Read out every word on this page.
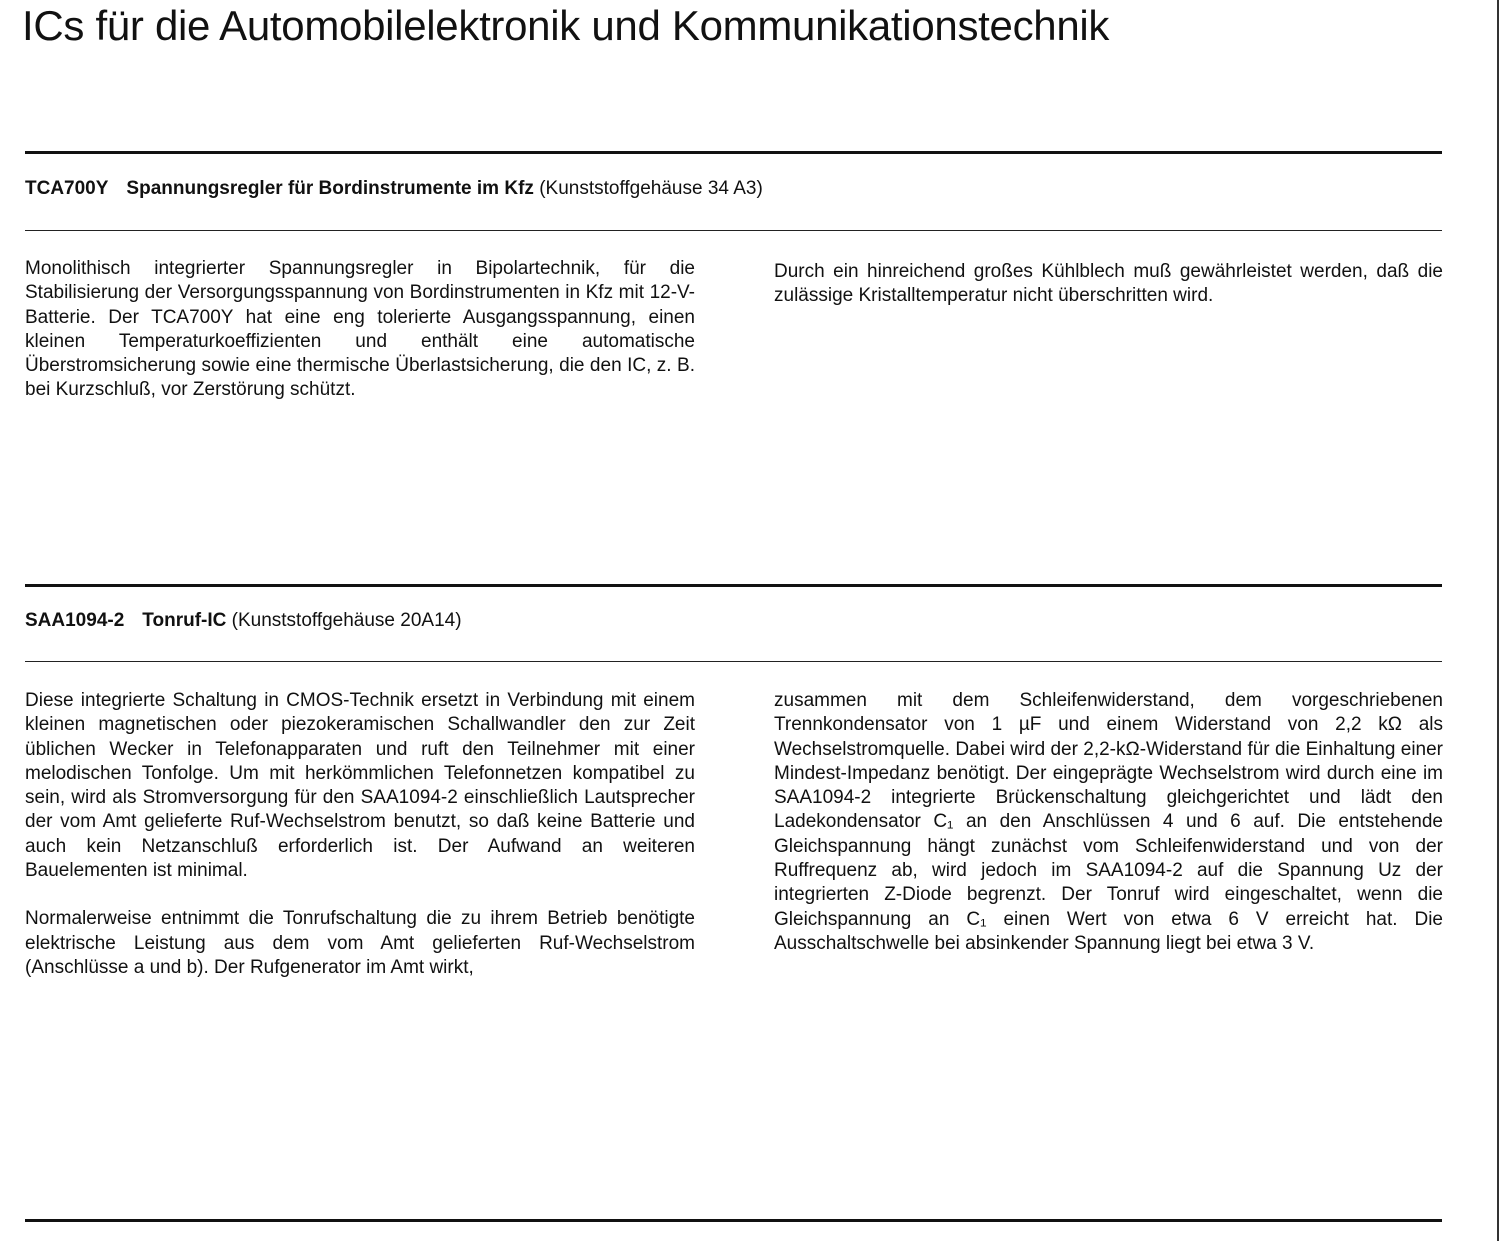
ICs für die Automobilelektronik und Kommunikationstechnik
TCA700Y Spannungsregler für Bordinstrumente im Kfz (Kunststoffgehäuse 34 A3)

Monolithisch integrierter Spannungsregler in Bipolartechnik, für die Stabilisierung der Versorgungsspannung von Bordinstrumenten in Kfz mit 12-V-Batterie. Der TCA700Y hat eine eng tolerierte Ausgangsspannung, einen kleinen Temperaturkoeffizienten und enthält eine automatische Überstromsicherung sowie eine thermische Überlastsicherung, die den IC, z. B. bei Kurzschluß, vor Zerstörung schützt.

Durch ein hinreichend großes Kühlblech muß gewährleistet werden, daß die zulässige Kristalltemperatur nicht überschritten wird.

SAA1094-2 Tonruf-IC (Kunststoffgehäuse 20A14)

Diese integrierte Schaltung in CMOS-Technik ersetzt in Verbindung mit einem kleinen magnetischen oder piezokeramischen Schallwandler den zur Zeit üblichen Wecker in Telefonapparaten und ruft den Teilnehmer mit einer melodischen Tonfolge. Um mit herkömmlichen Telefonnetzen kompatibel zu sein, wird als Stromversorgung für den SAA1094-2 einschließlich Lautsprecher der vom Amt gelieferte Ruf-Wechselstrom benutzt, so daß keine Batterie und auch kein Netzanschluß erforderlich ist. Der Aufwand an weiteren Bauelementen ist minimal.

Normalerweise entnimmt die Tonrufschaltung die zu ihrem Betrieb benötigte elektrische Leistung aus dem vom Amt gelieferten Ruf-Wechselstrom (Anschlüsse a und b). Der Rufgenerator im Amt wirkt,

zusammen mit dem Schleifenwiderstand, dem vorgeschriebenen Trennkondensator von 1 µF und einem Widerstand von 2,2 kΩ als Wechselstromquelle. Dabei wird der 2,2-kΩ-Widerstand für die Einhaltung einer Mindest-Impedanz benötigt. Der eingeprägte Wechselstrom wird durch eine im SAA1094-2 integrierte Brückenschaltung gleichgerichtet und lädt den Ladekondensator C₁ an den Anschlüssen 4 und 6 auf. Die entstehende Gleichspannung hängt zunächst vom Schleifenwiderstand und von der Ruffrequenz ab, wird jedoch im SAA1094-2 auf die Spannung Uz der integrierten Z-Diode begrenzt. Der Tonruf wird eingeschaltet, wenn die Gleichspannung an C₁ einen Wert von etwa 6 V erreicht hat. Die Ausschaltschwelle bei absinkender Spannung liegt bei etwa 3 V.
